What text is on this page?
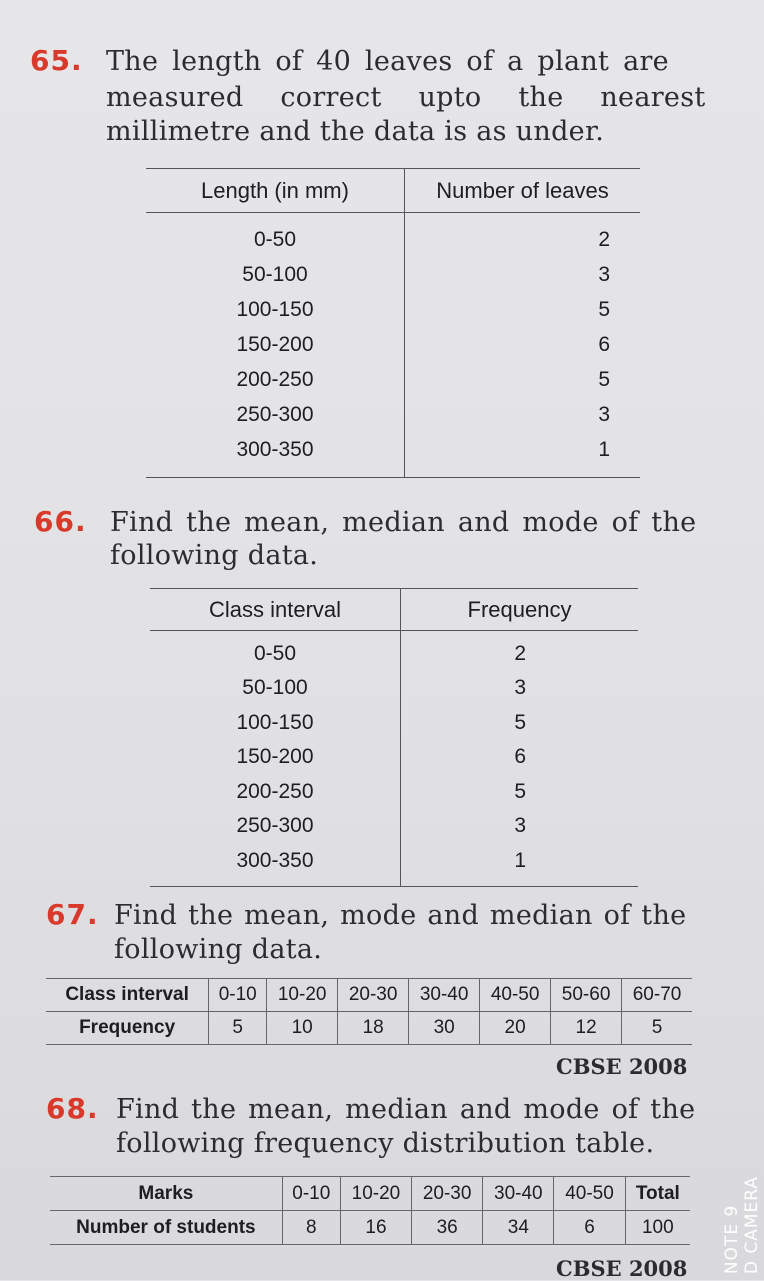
65. The length of 40 leaves of a plant are
measured correct upto the nearest
millimetre and the data is as under.
Length (in mm)	Number of leaves

0-50	2
50-100	3
100-150	5
150-200	6
200-250	5
250-300	3
300-350	1

66. Find the mean, median and mode of the
following data.
Class interval	Frequency

0-50	2
50-100	3
100-150	5
150-200	6
200-250	5
250-300	3
300-350	1

67. Find the mean, mode and median of the
following data.
Class interval	0-10	10-20	20-30	30-40	40-50	50-60	60-70
Frequency	5	10	18	30	20	12	5
CBSE 2008
68. Find the mean, median and mode of the
following frequency distribution table.
Marks	0-10	10-20	20-30	30-40	40-50	Total
Number of students	8	16	36	34	6	100
CBSE 2008 NOTE 9
D CAMERA
